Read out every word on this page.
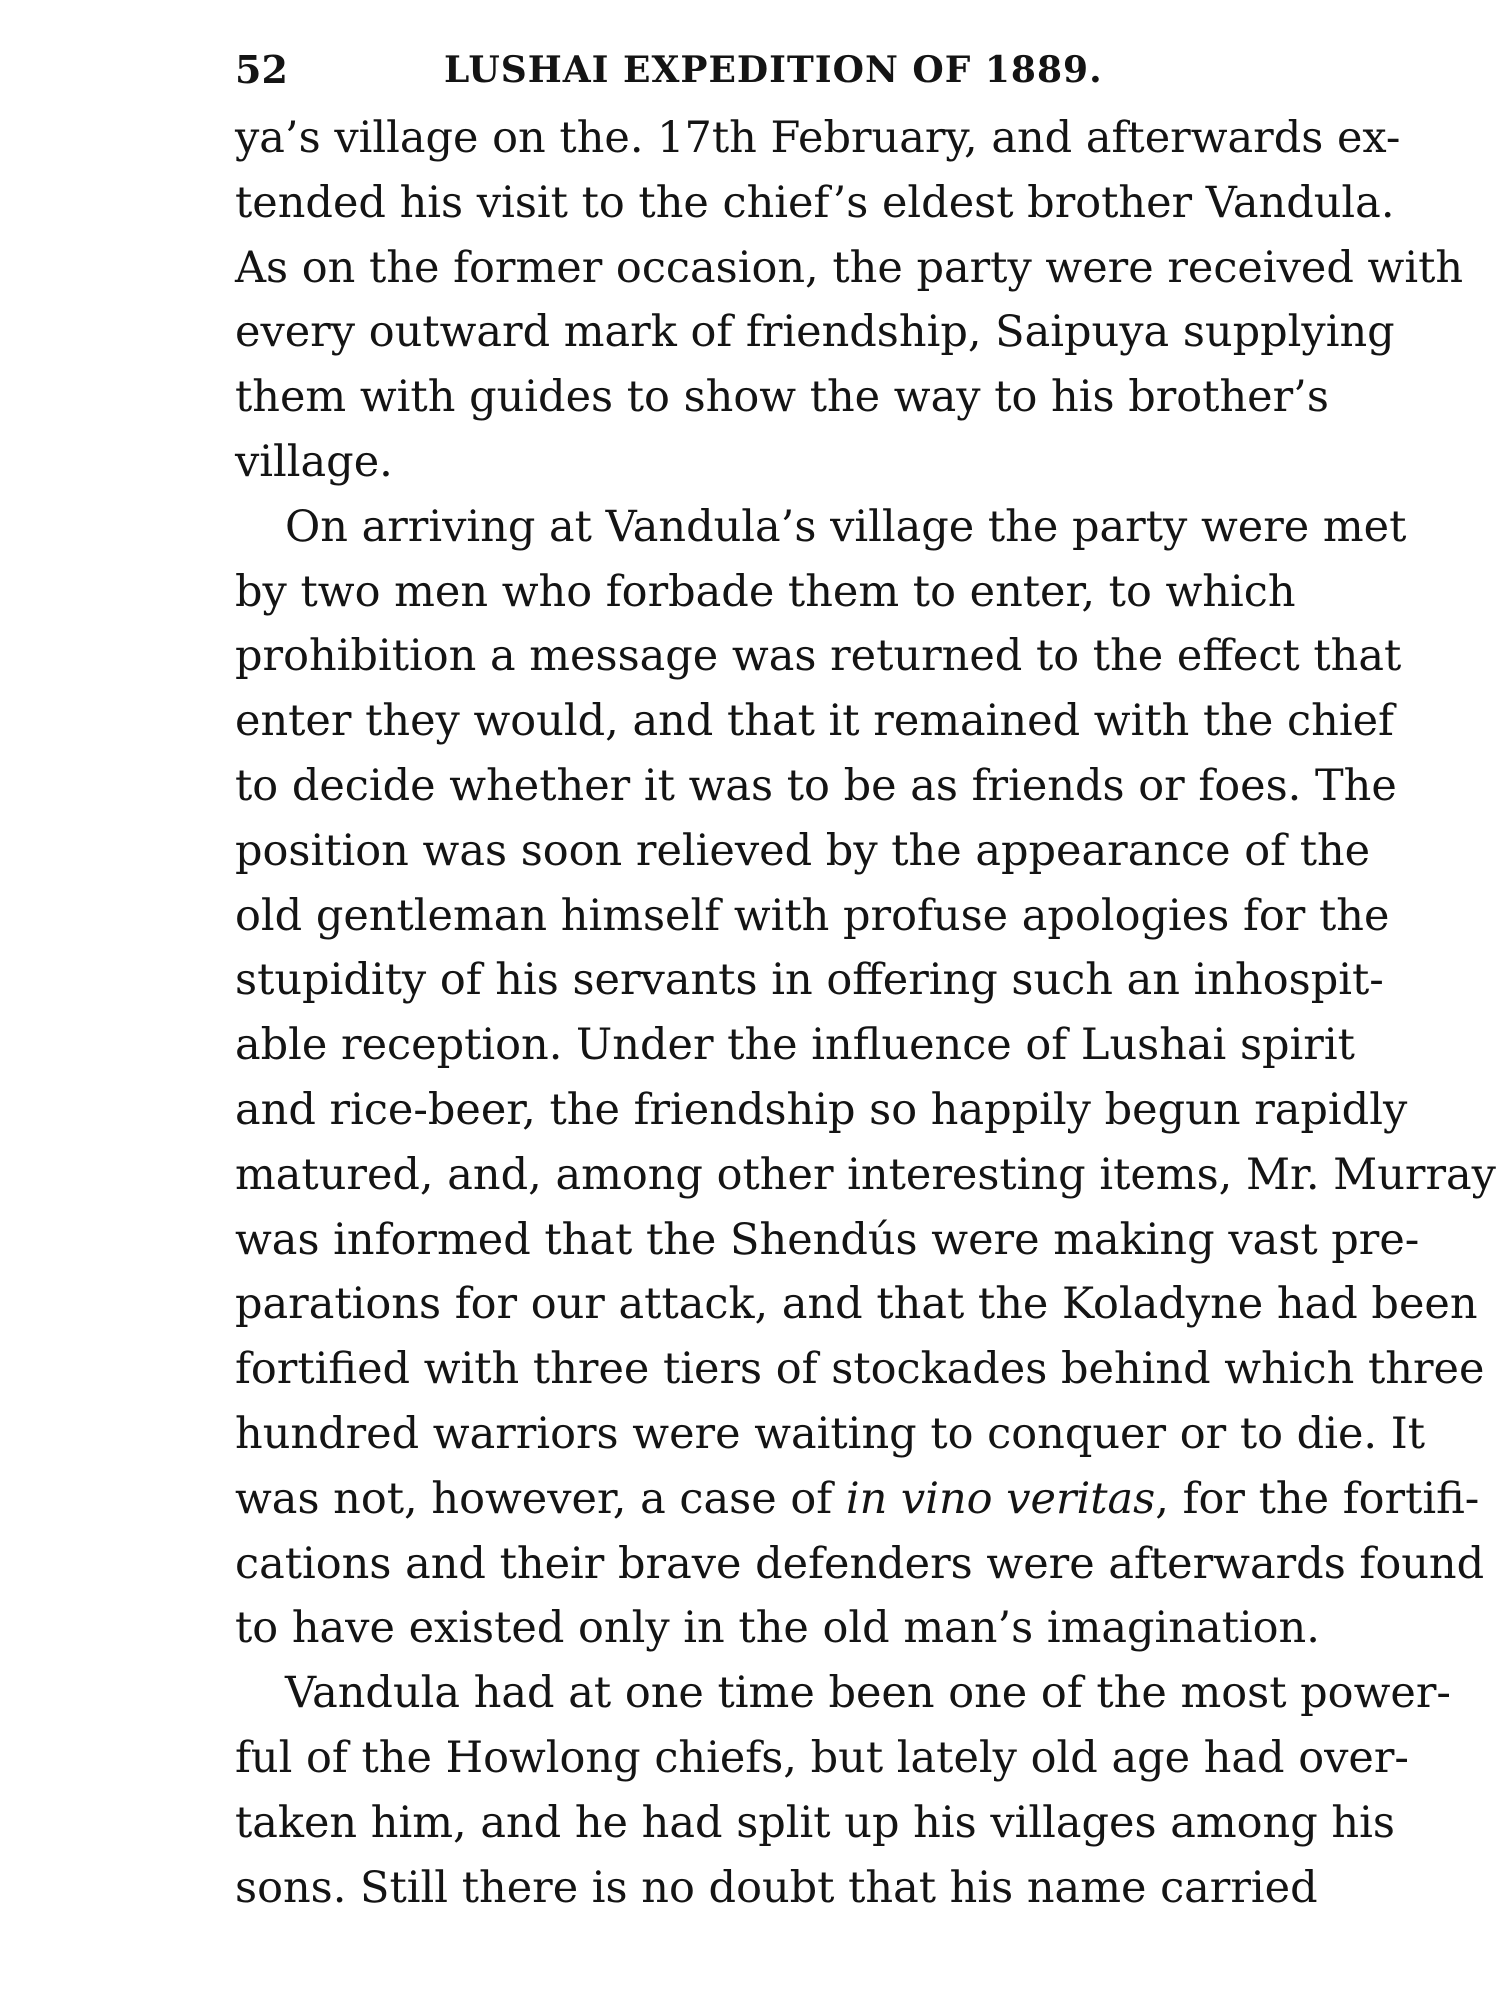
52	LUSHAI EXPEDITION OF 1889.
ya’s village on the. 17th February, and afterwards ex-
tended his visit to the chief’s eldest brother Vandula.
As on the former occasion, the party were received with
every outward mark of friendship, Saipuya supplying
them with guides to show the way to his brother’s
village.
On arriving at Vandula’s village the party were met
by two men who forbade them to enter, to which
prohibition a message was returned to the effect that
enter they would, and that it remained with the chief
to decide whether it was to be as friends or foes. The
position was soon relieved by the appearance of the
old gentleman himself with profuse apologies for the
stupidity of his servants in offering such an inhospit-
able reception. Under the influence of Lushai spirit
and rice-beer, the friendship so happily begun rapidly
matured, and, among other interesting items, Mr. Murray
was informed that the Shendús were making vast pre-
parations for our attack, and that the Koladyne had been
fortified with three tiers of stockades behind which three
hundred warriors were waiting to conquer or to die. It
was not, however, a case of in vino veritas, for the fortifi-
cations and their brave defenders were afterwards found
to have existed only in the old man’s imagination.
Vandula had at one time been one of the most power-
ful of the Howlong chiefs, but lately old age had over-
taken him, and he had split up his villages among his
sons. Still there is no doubt that his name carried
